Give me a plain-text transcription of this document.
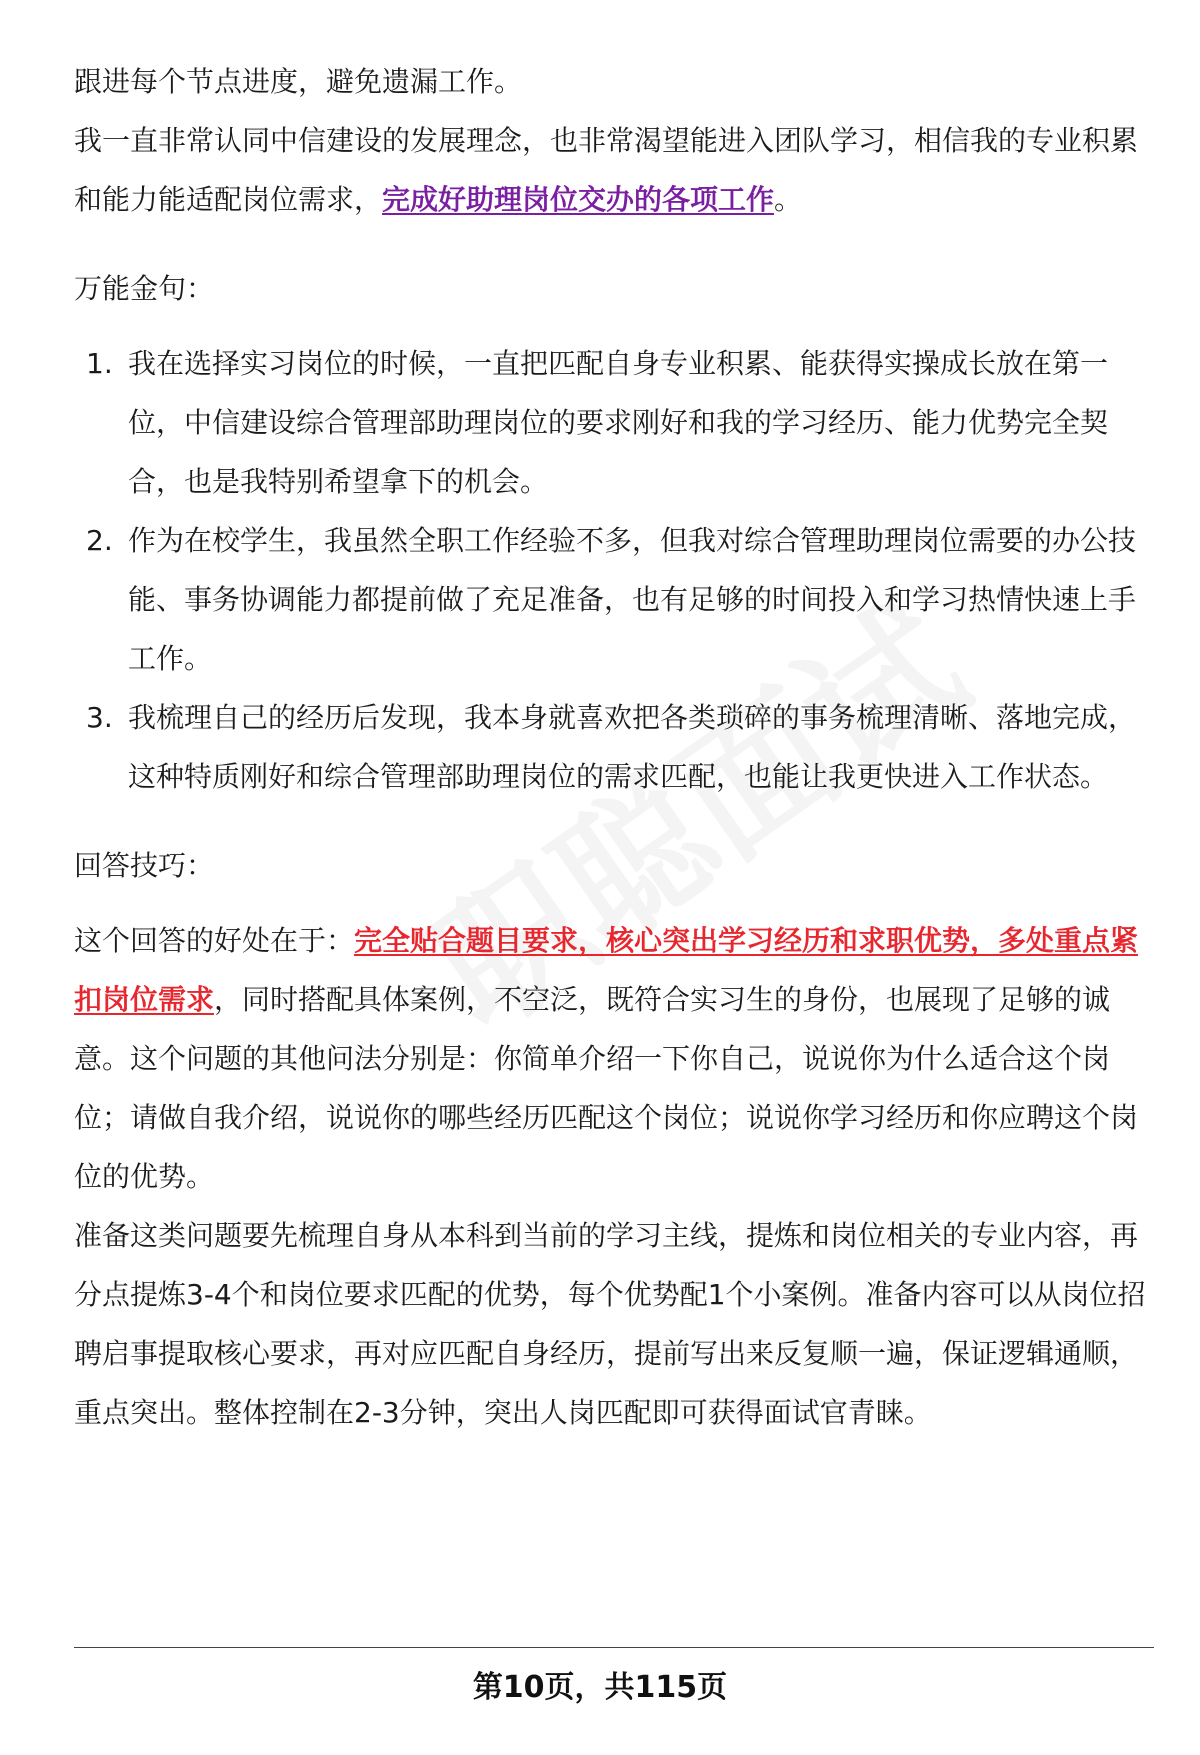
跟进每个节点进度，避免遗漏工作。

我一直非常认同中信建设的发展理念，也非常渴望能进入团队学习，相信我的专业积累和能力能适配岗位需求，完成好助理岗位交办的各项工作。

万能金句：

1. 我在选择实习岗位的时候，一直把匹配自身专业积累、能获得实操成长放在第一位，中信建设综合管理部助理岗位的要求刚好和我的学习经历、能力优势完全契合，也是我特别希望拿下的机会。
2. 作为在校学生，我虽然全职工作经验不多，但我对综合管理助理岗位需要的办公技能、事务协调能力都提前做了充足准备，也有足够的时间投入和学习热情快速上手工作。
3. 我梳理自己的经历后发现，我本身就喜欢把各类琐碎的事务梳理清晰、落地完成，这种特质刚好和综合管理部助理岗位的需求匹配，也能让我更快进入工作状态。

回答技巧：

这个回答的好处在于：完全贴合题目要求，核心突出学习经历和求职优势，多处重点紧扣岗位需求，同时搭配具体案例，不空泛，既符合实习生的身份，也展现了足够的诚意。这个问题的其他问法分别是：你简单介绍一下你自己，说说你为什么适合这个岗位；请做自我介绍，说说你的哪些经历匹配这个岗位；说说你学习经历和你应聘这个岗位的优势。

准备这类问题要先梳理自身从本科到当前的学习主线，提炼和岗位相关的专业内容，再分点提炼3-4个和岗位要求匹配的优势，每个优势配1个小案例。准备内容可以从岗位招聘启事提取核心要求，再对应匹配自身经历，提前写出来反复顺一遍，保证逻辑通顺，重点突出。整体控制在2-3分钟，突出人岗匹配即可获得面试官青睐。

第10页，共115页
